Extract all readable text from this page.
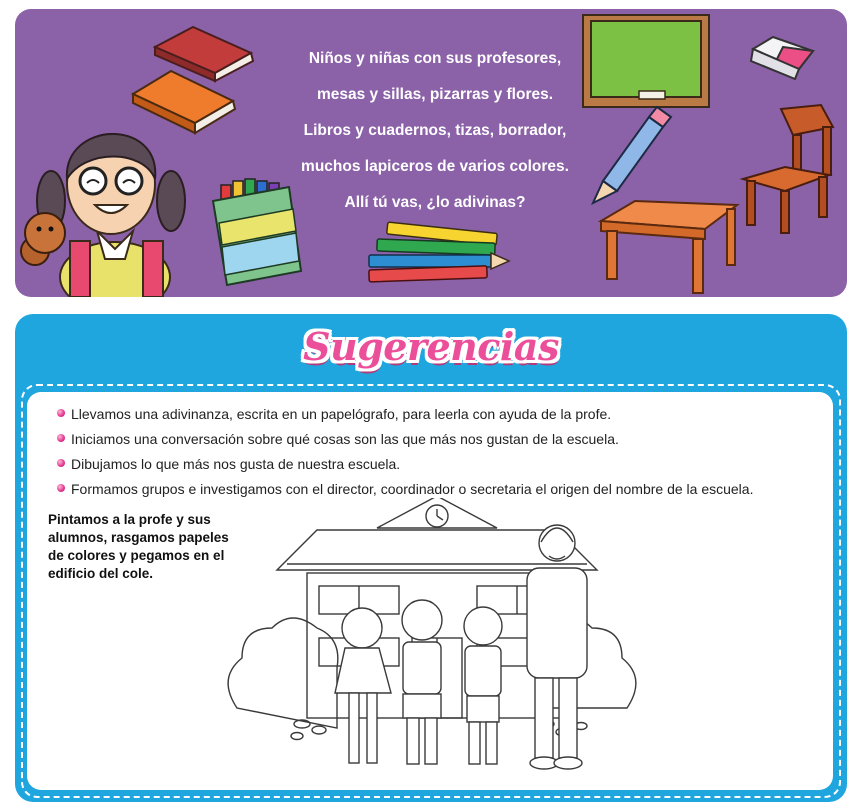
Niños y niñas con sus profesores,
mesas y sillas, pizarras y flores.
Libros y cuadernos, tizas, borrador,
muchos lapiceros de varios colores.
Allí tú vas, ¿lo adivinas?
Sugerencias
Llevamos una adivinanza, escrita en un papelógrafo, para leerla con ayuda de la profe.
Iniciamos una conversación sobre qué cosas son las que más nos gustan de la escuela.
Dibujamos lo que más nos gusta de nuestra escuela.
Formamos grupos e investigamos con el director, coordinador o secretaria el origen del nombre de la escuela.

Pintamos a la profe y sus alumnos, rasgamos papeles de colores y pegamos en el edificio del cole.
